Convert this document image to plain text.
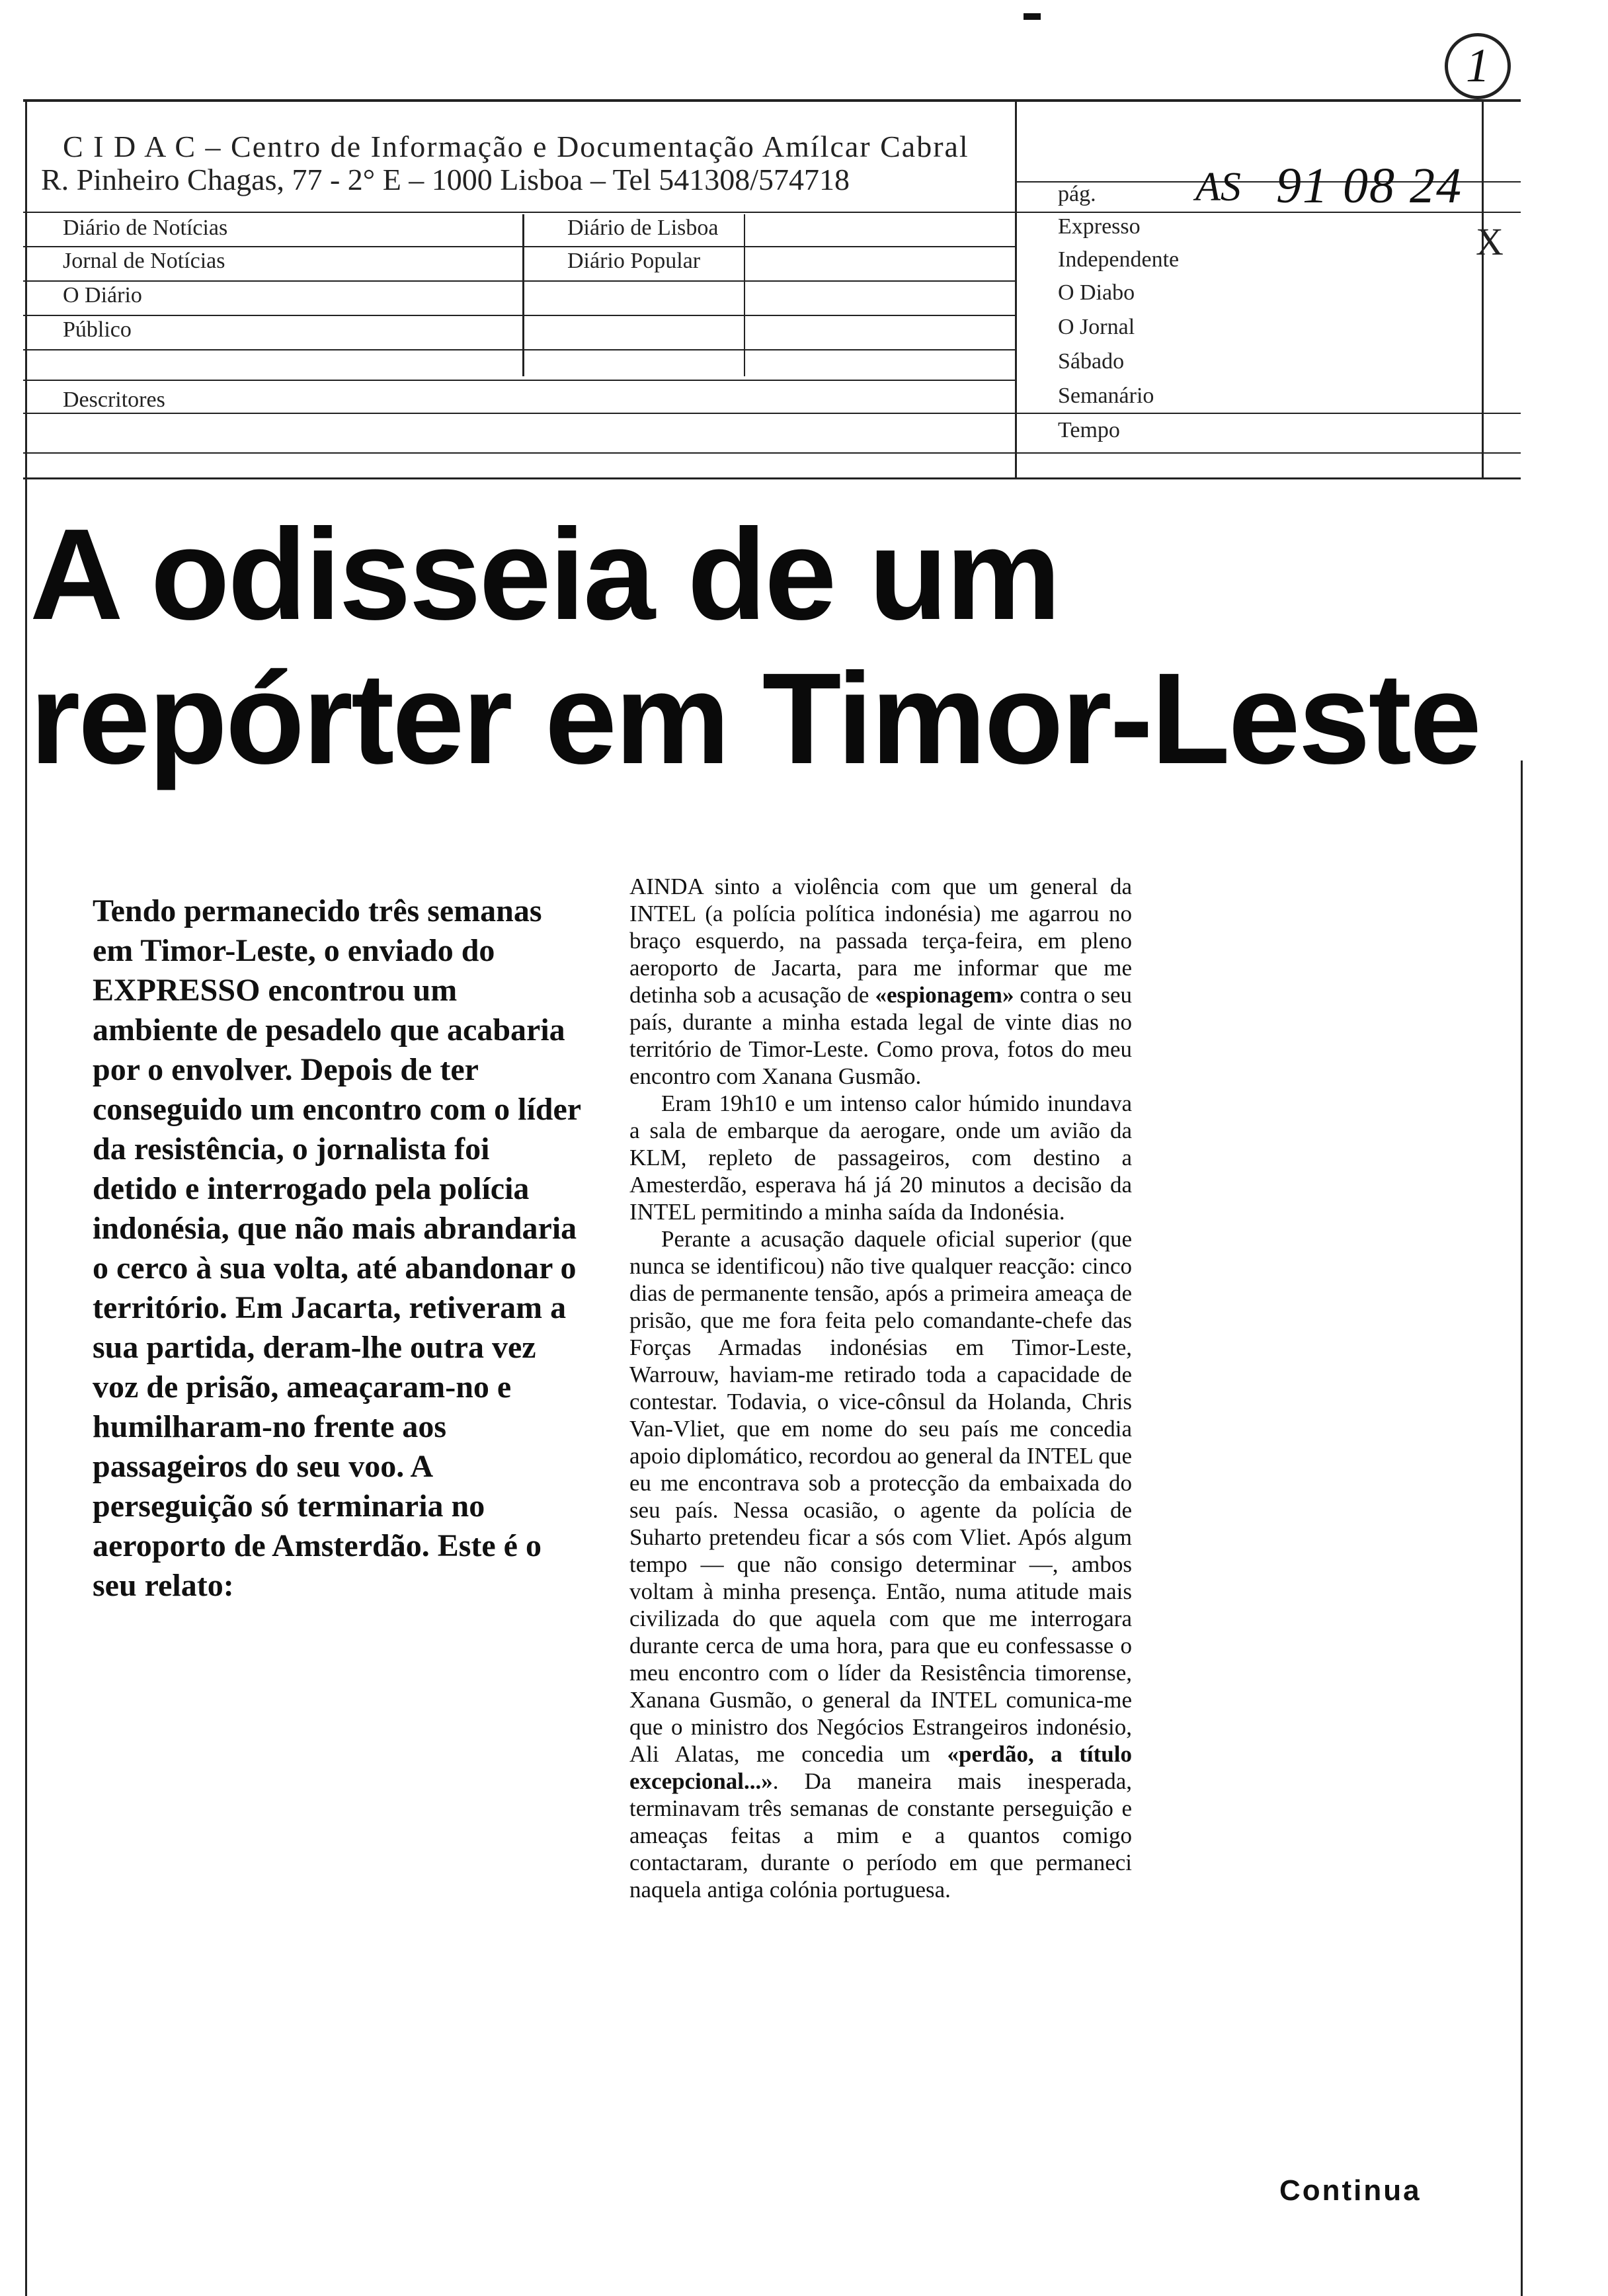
1
C I D A C – Centro de Informação e Documentação Amílcar Cabral
R. Pinheiro Chagas, 77 - 2° E – 1000 Lisboa – Tel 541308/574718	pág. AS 91 08 24
Diário de Notícias
Jornal de Notícias
O Diário
Público
Diário de Lisboa
Diário Popular
Expresso
Independente
O Diabo
O Jornal
Sábado
Semanário
Tempo
Descritores
X
A odisseia de um
repórter em Timor-Leste

Tendo permanecido três semanas em Timor-Leste, o enviado do EXPRESSO encontrou um ambiente de pesadelo que acabaria por o envolver. Depois de ter conseguido um encontro com o líder da resistência, o jornalista foi detido e interrogado pela polícia indonésia, que não mais abrandaria o cerco à sua volta, até abandonar o território. Em Jacarta, retiveram a sua partida, deram-lhe outra vez voz de prisão, ameaçaram-no e humilharam-no frente aos passageiros do seu voo. A perseguição só terminaria no aeroporto de Amsterdão. Este é o seu relato:

AINDA sinto a violência com que um general da INTEL (a polícia política indonésia) me agarrou no braço esquerdo, na passada terça-feira, em pleno aeroporto de Jacarta, para me informar que me detinha sob a acusação de «espionagem» contra o seu país, durante a minha estada legal de vinte dias no território de Timor-Leste. Como prova, fotos do meu encontro com Xanana Gusmão.

Eram 19h10 e um intenso calor húmido inundava a sala de embarque da aerogare, onde um avião da KLM, repleto de passageiros, com destino a Amesterdão, esperava há já 20 minutos a decisão da INTEL permitindo a minha saída da Indonésia.

Perante a acusação daquele oficial superior (que nunca se identificou) não tive qualquer reacção: cinco dias de permanente tensão, após a primeira ameaça de prisão, que me fora feita pelo comandante-chefe das Forças Armadas indonésias em Timor-Leste, Warrouw, haviam-me retirado toda a capacidade de contestar. Todavia, o vice-cônsul da Holanda, Chris Van-Vliet, que em nome do seu país me concedia apoio diplomático, recordou ao general da INTEL que eu me encontrava sob a protecção da embaixada do seu país. Nessa ocasião, o agente da polícia de Suharto pretendeu ficar a sós com Vliet. Após algum tempo — que não consigo determinar —, ambos voltam à minha presença. Então, numa atitude mais civilizada do que aquela com que me interrogara durante cerca de uma hora, para que eu confessasse o meu encontro com o líder da Resistência timorense, Xanana Gusmão, o general da INTEL comunica-me que o ministro dos Negócios Estrangeiros indonésio, Ali Alatas, me concedia um «perdão, a título excepcional...». Da maneira mais inesperada, terminavam três semanas de constante perseguição e ameaças feitas a mim e a quantos comigo contactaram, durante o período em que permaneci naquela antiga colónia portuguesa.

Continua
